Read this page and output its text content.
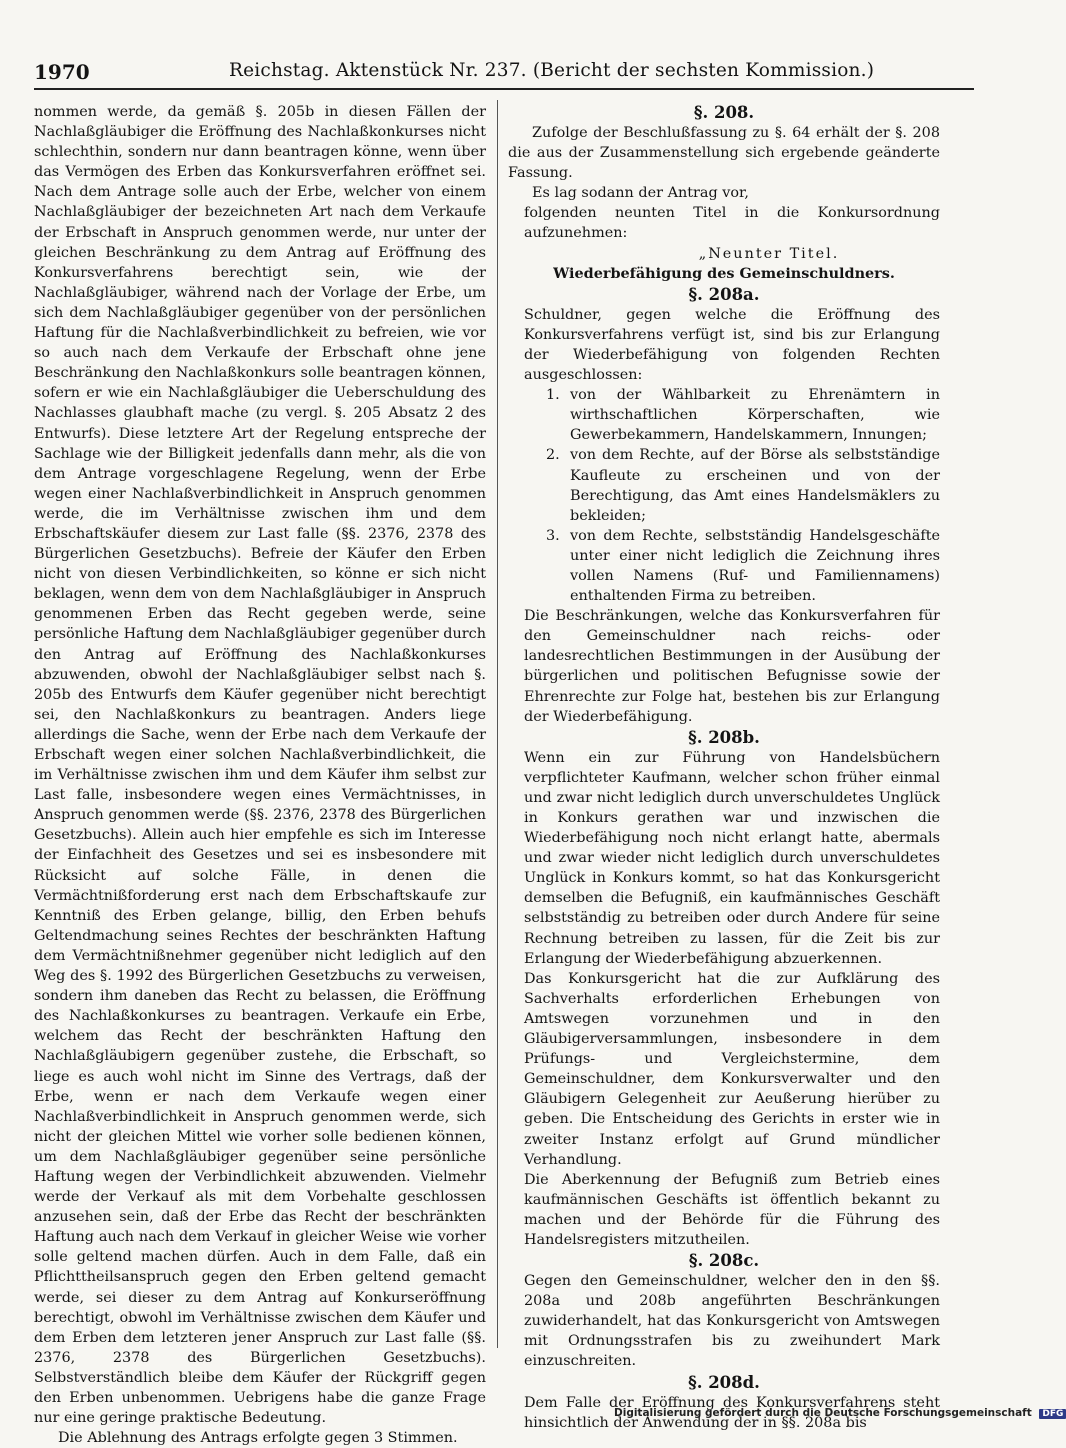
1970	Reichstag. Aktenstück Nr. 237. (Bericht der sechsten Kommission.)

nommen werde, da gemäß §. 205b in diesen Fällen der Nachlaßgläubiger die Eröffnung des Nachlaßkonkurses nicht schlechthin, sondern nur dann beantragen könne, wenn über das Vermögen des Erben das Konkursverfahren eröffnet sei. Nach dem Antrage solle auch der Erbe, welcher von einem Nachlaßgläubiger der bezeichneten Art nach dem Verkaufe der Erbschaft in Anspruch genommen werde, nur unter der gleichen Beschränkung zu dem Antrag auf Eröffnung des Konkursverfahrens berechtigt sein, wie der Nachlaßgläubiger, während nach der Vorlage der Erbe, um sich dem Nachlaßgläubiger gegenüber von der persönlichen Haftung für die Nachlaßverbindlichkeit zu befreien, wie vor so auch nach dem Verkaufe der Erbschaft ohne jene Beschränkung den Nachlaßkonkurs solle beantragen können, sofern er wie ein Nachlaßgläubiger die Ueberschuldung des Nachlasses glaubhaft mache (zu vergl. §. 205 Absatz 2 des Entwurfs). Diese letztere Art der Regelung entspreche der Sachlage wie der Billigkeit jedenfalls dann mehr, als die von dem Antrage vorgeschlagene Regelung, wenn der Erbe wegen einer Nachlaßverbindlichkeit in Anspruch genommen werde, die im Verhältnisse zwischen ihm und dem Erbschaftskäufer diesem zur Last falle (§§. 2376, 2378 des Bürgerlichen Gesetzbuchs). Befreie der Käufer den Erben nicht von diesen Verbindlichkeiten, so könne er sich nicht beklagen, wenn dem von dem Nachlaßgläubiger in Anspruch genommenen Erben das Recht gegeben werde, seine persönliche Haftung dem Nachlaßgläubiger gegenüber durch den Antrag auf Eröffnung des Nachlaßkonkurses abzuwenden, obwohl der Nachlaßgläubiger selbst nach §. 205b des Entwurfs dem Käufer gegenüber nicht berechtigt sei, den Nachlaßkonkurs zu beantragen. Anders liege allerdings die Sache, wenn der Erbe nach dem Verkaufe der Erbschaft wegen einer solchen Nachlaßverbindlichkeit, die im Verhältnisse zwischen ihm und dem Käufer ihm selbst zur Last falle, insbesondere wegen eines Vermächtnisses, in Anspruch genommen werde (§§. 2376, 2378 des Bürgerlichen Gesetzbuchs). Allein auch hier empfehle es sich im Interesse der Einfachheit des Gesetzes und sei es insbesondere mit Rücksicht auf solche Fälle, in denen die Vermächtnißforderung erst nach dem Erbschaftskaufe zur Kenntniß des Erben gelange, billig, den Erben behufs Geltendmachung seines Rechtes der beschränkten Haftung dem Vermächtnißnehmer gegenüber nicht lediglich auf den Weg des §. 1992 des Bürgerlichen Gesetzbuchs zu verweisen, sondern ihm daneben das Recht zu belassen, die Eröffnung des Nachlaßkonkurses zu beantragen. Verkaufe ein Erbe, welchem das Recht der beschränkten Haftung den Nachlaßgläubigern gegenüber zustehe, die Erbschaft, so liege es auch wohl nicht im Sinne des Vertrags, daß der Erbe, wenn er nach dem Verkaufe wegen einer Nachlaßverbindlichkeit in Anspruch genommen werde, sich nicht der gleichen Mittel wie vorher solle bedienen können, um dem Nachlaßgläubiger gegenüber seine persönliche Haftung wegen der Verbindlichkeit abzuwenden. Vielmehr werde der Verkauf als mit dem Vorbehalte geschlossen anzusehen sein, daß der Erbe das Recht der beschränkten Haftung auch nach dem Verkauf in gleicher Weise wie vorher solle geltend machen dürfen. Auch in dem Falle, daß ein Pflichttheilsanspruch gegen den Erben geltend gemacht werde, sei dieser zu dem Antrag auf Konkurseröffnung berechtigt, obwohl im Verhältnisse zwischen dem Käufer und dem Erben dem letzteren jener Anspruch zur Last falle (§§. 2376, 2378 des Bürgerlichen Gesetzbuchs). Selbstverständlich bleibe dem Käufer der Rückgriff gegen den Erben unbenommen. Uebrigens habe die ganze Frage nur eine geringe praktische Bedeutung.

Die Ablehnung des Antrags erfolgte gegen 3 Stimmen.

§. 208.

Zufolge der Beschlußfassung zu §. 64 erhält der §. 208 die aus der Zusammenstellung sich ergebende geänderte Fassung.

Es lag sodann der Antrag vor,

folgenden neunten Titel in die Konkursordnung aufzunehmen:

„Neunter Titel.

Wiederbefähigung des Gemeinschuldners.

§. 208a.

Schuldner, gegen welche die Eröffnung des Konkursverfahrens verfügt ist, sind bis zur Erlangung der Wiederbefähigung von folgenden Rechten ausgeschlossen:

1. von der Wählbarkeit zu Ehrenämtern in wirthschaftlichen Körperschaften, wie Gewerbekammern, Handelskammern, Innungen;
2. von dem Rechte, auf der Börse als selbstständige Kaufleute zu erscheinen und von der Berechtigung, das Amt eines Handelsmäklers zu bekleiden;
3. von dem Rechte, selbstständig Handelsgeschäfte unter einer nicht lediglich die Zeichnung ihres vollen Namens (Ruf- und Familiennamens) enthaltenden Firma zu betreiben.

Die Beschränkungen, welche das Konkursverfahren für den Gemeinschuldner nach reichs- oder landesrechtlichen Bestimmungen in der Ausübung der bürgerlichen und politischen Befugnisse sowie der Ehrenrechte zur Folge hat, bestehen bis zur Erlangung der Wiederbefähigung.

§. 208b.

Wenn ein zur Führung von Handelsbüchern verpflichteter Kaufmann, welcher schon früher einmal und zwar nicht lediglich durch unverschuldetes Unglück in Konkurs gerathen war und inzwischen die Wiederbefähigung noch nicht erlangt hatte, abermals und zwar wieder nicht lediglich durch unverschuldetes Unglück in Konkurs kommt, so hat das Konkursgericht demselben die Befugniß, ein kaufmännisches Geschäft selbstständig zu betreiben oder durch Andere für seine Rechnung betreiben zu lassen, für die Zeit bis zur Erlangung der Wiederbefähigung abzuerkennen.

Das Konkursgericht hat die zur Aufklärung des Sachverhalts erforderlichen Erhebungen von Amtswegen vorzunehmen und in den Gläubigerversammlungen, insbesondere in dem Prüfungs- und Vergleichstermine, dem Gemeinschuldner, dem Konkursverwalter und den Gläubigern Gelegenheit zur Aeußerung hierüber zu geben. Die Entscheidung des Gerichts in erster wie in zweiter Instanz erfolgt auf Grund mündlicher Verhandlung.

Die Aberkennung der Befugniß zum Betrieb eines kaufmännischen Geschäfts ist öffentlich bekannt zu machen und der Behörde für die Führung des Handelsregisters mitzutheilen.

§. 208c.

Gegen den Gemeinschuldner, welcher den in den §§. 208a und 208b angeführten Beschränkungen zuwiderhandelt, hat das Konkursgericht von Amtswegen mit Ordnungsstrafen bis zu zweihundert Mark einzuschreiten.

§. 208d.

Dem Falle der Eröffnung des Konkursverfahrens steht hinsichtlich der Anwendung der in §§. 208a bis

Digitalisierung gefördert durch die Deutsche Forschungsgemeinschaft DFG
